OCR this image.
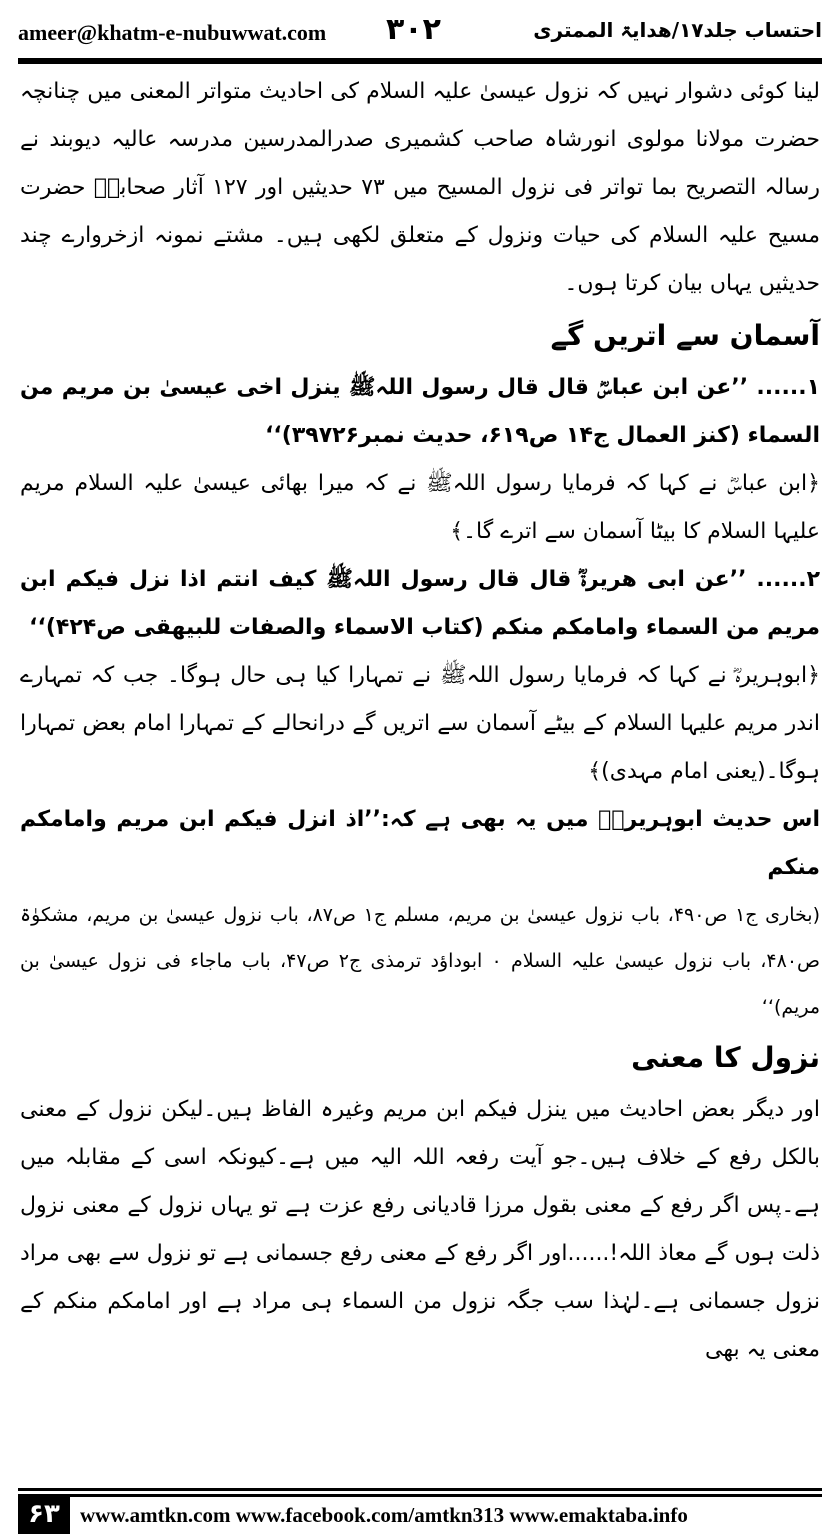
ameer@khatm-e-nubuwwat.com ۳۰۲	احتساب جلد۱۷/ھدایۃ الممتری

لینا کوئی دشوار نہیں کہ نزول عیسیٰ علیہ السلام کی احادیث متواتر المعنی میں چنانچہ حضرت مولانا مولوی انورشاہ صاحب کشمیری صدرالمدرسین مدرسہ عالیہ دیوبند نے رسالہ التصریح بما تواتر فی نزول المسیح میں ۷۳ حدیثیں اور ۱۲۷ آثار صحابہؓ حضرت مسیح علیہ السلام کی حیات ونزول کے متعلق لکھی ہیں۔ مشتے نمونہ ازخروارے چند حدیثیں یہاں بیان کرتا ہوں۔

آسمان سے اتریں گے

۱...... ’’عن ابن عباسؓ قال قال رسول اللہﷺ ینزل اخی عیسیٰ بن مریم من السماء (کنز العمال ج۱۴ ص۶۱۹، حدیث نمبر۳۹۷۲۶)‘‘

﴿ابن عباسؓ نے کہا کہ فرمایا رسول اللہﷺ نے کہ میرا بھائی عیسیٰ علیہ السلام مریم علیہا السلام کا بیٹا آسمان سے اترے گا۔﴾

۲...... ’’عن ابی ھریرۃؓ قال قال رسول اللہﷺ کیف انتم اذا نزل فیکم ابن مریم من السماء وامامکم منکم (کتاب الاسماء والصفات للبیھقی ص۴۲۴)‘‘

﴿ابوہریرہؓ نے کہا کہ فرمایا رسول اللہﷺ نے تمہارا کیا ہی حال ہوگا۔ جب کہ تمہارے اندر مریم علیہا السلام کے بیٹے آسمان سے اتریں گے درانحالے کے تمہارا امام بعض تمہارا ہوگا۔(یعنی امام مہدی)﴾

اس حدیث ابوہریرہؓ میں یہ بھی ہے کہ:’’اذ انزل فیکم ابن مریم وامامکم منکم

(بخاری ج۱ ص۴۹۰، باب نزول عیسیٰ بن مریم، مسلم ج۱ ص۸۷، باب نزول عیسیٰ بن مریم، مشکوٰۃ ص۴۸۰، باب نزول عیسیٰ علیہ السلام ۰ ابوداؤد ترمذی ج۲ ص۴۷، باب ماجاء فی نزول عیسیٰ بن مریم)‘‘

نزول کا معنی

اور دیگر بعض احادیث میں ینزل فیکم ابن مریم وغیرہ الفاظ ہیں۔لیکن نزول کے معنی بالکل رفع کے خلاف ہیں۔جو آیت رفعہ اللہ الیہ میں ہے۔کیونکہ اسی کے مقابلہ میں ہے۔پس اگر رفع کے معنی بقول مرزا قادیانی رفع عزت ہے تو یہاں نزول کے معنی نزول ذلت ہوں گے معاذ اللہ!......اور اگر رفع کے معنی رفع جسمانی ہے تو نزول سے بھی مراد نزول جسمانی ہے۔لہٰذا سب جگہ نزول من السماء ہی مراد ہے اور امامکم منکم کے معنی یہ بھی

۶۳ www.amtkn.com www.facebook.com/amtkn313 www.emaktaba.info
